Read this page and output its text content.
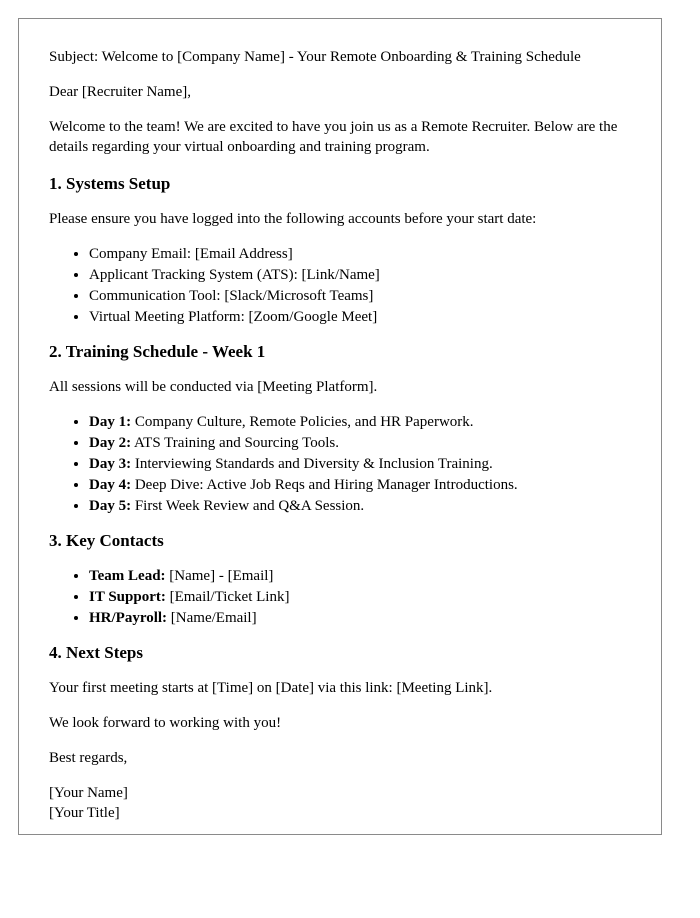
Subject: Welcome to [Company Name] - Your Remote Onboarding & Training Schedule

Dear [Recruiter Name],

Welcome to the team! We are excited to have you join us as a Remote Recruiter. Below are the details regarding your virtual onboarding and training program.

1. Systems Setup

Please ensure you have logged into the following accounts before your start date:

• Company Email: [Email Address]
• Applicant Tracking System (ATS): [Link/Name]
• Communication Tool: [Slack/Microsoft Teams]
• Virtual Meeting Platform: [Zoom/Google Meet]
2. Training Schedule - Week 1

All sessions will be conducted via [Meeting Platform].

• Day 1: Company Culture, Remote Policies, and HR Paperwork.
• Day 2: ATS Training and Sourcing Tools.
• Day 3: Interviewing Standards and Diversity & Inclusion Training.
• Day 4: Deep Dive: Active Job Reqs and Hiring Manager Introductions.
• Day 5: First Week Review and Q&A Session.
3. Key Contacts
• Team Lead: [Name] - [Email]
• IT Support: [Email/Ticket Link]
• HR/Payroll: [Name/Email]
4. Next Steps

Your first meeting starts at [Time] on [Date] via this link: [Meeting Link].

We look forward to working with you!

Best regards,

[Your Name]
[Your Title]
